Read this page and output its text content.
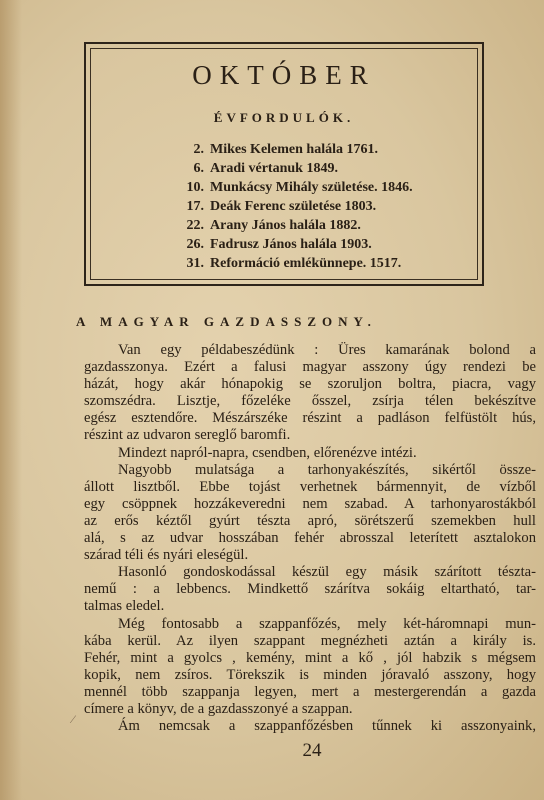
OKTÓBER
ÉVFORDULÓK.
2. Mikes Kelemen halála 1761.
6. Aradi vértanuk 1849.
10. Munkácsy Mihály születése. 1846.
17. Deák Ferenc születése 1803.
22. Arany János halála 1882.
26. Fadrusz János halála 1903.
31. Reformáció emlékünnepe. 1517.
A MAGYAR GAZDASSZONY.
Van egy példabeszédünk : Üres kamarának bolond a
gazdasszonya. Ezért a falusi magyar asszony úgy rendezi be
házát, hogy akár hónapokig se szoruljon boltra, piacra, vagy
szomszédra. Lisztje, főzeléke ősszel, zsírja télen bekészítve
egész esztendőre. Mészárszéke részint a padláson felfüstölt hús,
részint az udvaron sereglő baromfi.
Mindezt napról-napra, csendben, előrenézve intézi.
Nagyobb mulatsága a tarhonyakészítés, sikértől össze-
állott lisztből. Ebbe tojást verhetnek bármennyit, de vízből
egy csöppnek hozzákeveredni nem szabad. A tarhonyarostákból
az erős kéztől gyúrt tészta apró, sörétszerű szemekben hull
alá, s az udvar hosszában fehér abrosszal leterített asztalokon
szárad téli és nyári eleségül.
Hasonló gondoskodással készül egy másik szárított tészta-
nemű : a lebbencs. Mindkettő szárítva sokáig eltartható, tar-
talmas eledel.
Még fontosabb a szappanfőzés, mely két-háromnapi mun-
kába kerül. Az ilyen szappant megnézheti aztán a király is.
Fehér, mint a gyolcs , kemény, mint a kő , jól habzik s mégsem
kopik, nem zsíros. Törekszik is minden jóravaló asszony, hogy
mennél több szappanja legyen, mert a mestergerendán a gazda
címere a könyv, de a gazdasszonyé a szappan.
Ám nemcsak a szappanfőzésben tűnnek ki asszonyaink,
⁄
24
